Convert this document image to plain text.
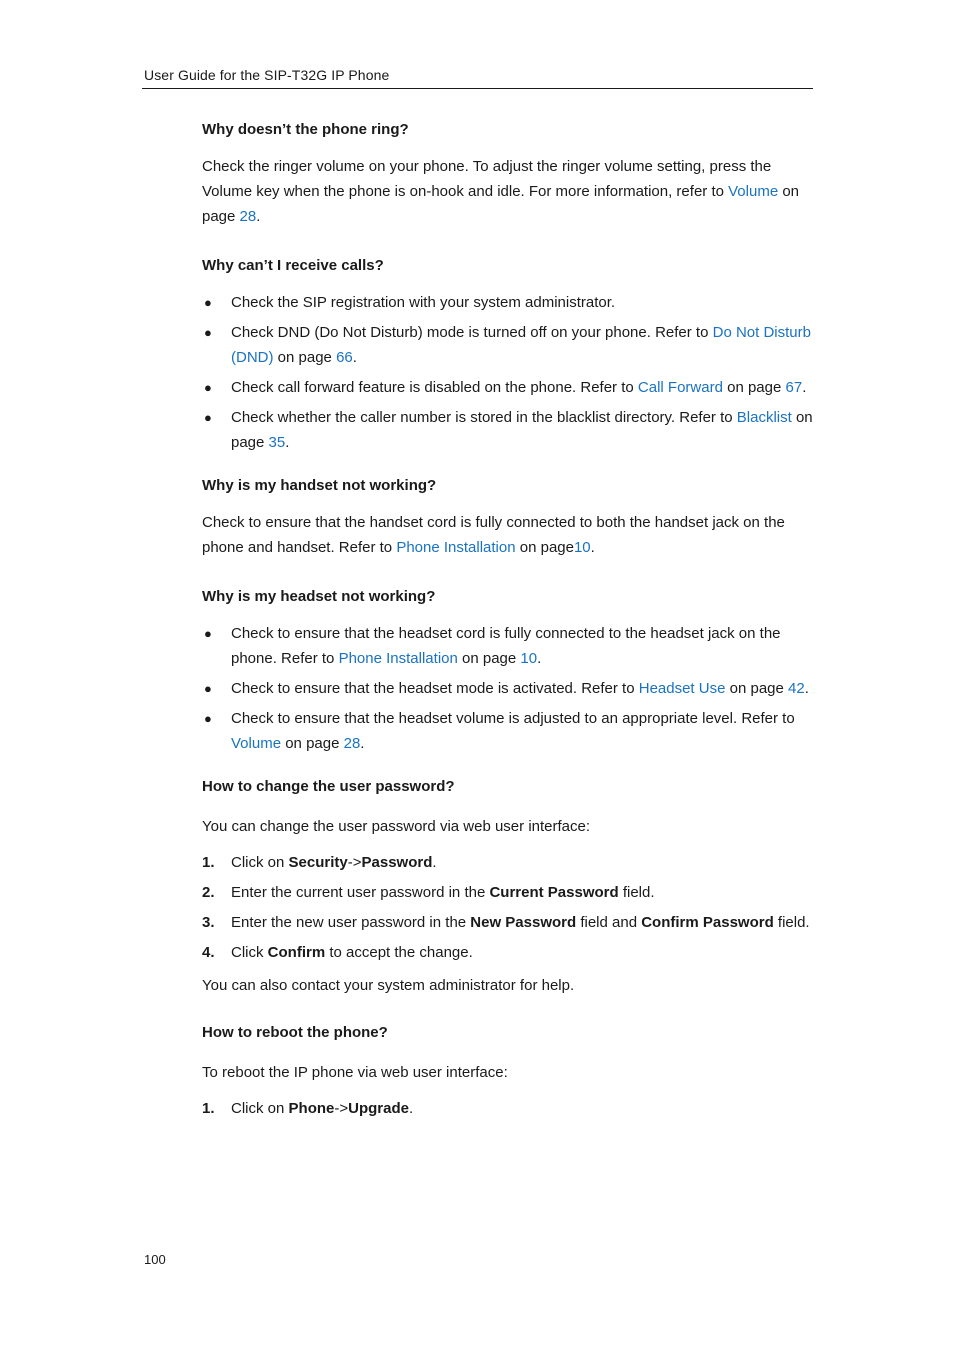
User Guide for the SIP-T32G IP Phone
Why doesn’t the phone ring?

Check the ringer volume on your phone. To adjust the ringer volume setting, press the Volume key when the phone is on-hook and idle. For more information, refer to Volume on page 28.

Why can’t I receive calls?
● Check the SIP registration with your system administrator.
● Check DND (Do Not Disturb) mode is turned off on your phone. Refer to Do Not Disturb (DND) on page 66.
● Check call forward feature is disabled on the phone. Refer to Call Forward on page 67.
● Check whether the caller number is stored in the blacklist directory. Refer to Blacklist on page 35.
Why is my handset not working?

Check to ensure that the handset cord is fully connected to both the handset jack on the phone and handset. Refer to Phone Installation on page10.

Why is my headset not working?
● Check to ensure that the headset cord is fully connected to the headset jack on the phone. Refer to Phone Installation on page 10.
● Check to ensure that the headset mode is activated. Refer to Headset Use on page 42.
● Check to ensure that the headset volume is adjusted to an appropriate level. Refer to Volume on page 28.
How to change the user password?

You can change the user password via web user interface:

1. Click on Security->Password.
2. Enter the current user password in the Current Password field.
3. Enter the new user password in the New Password field and Confirm Password field.
4. Click Confirm to accept the change.

You can also contact your system administrator for help.

How to reboot the phone?

To reboot the IP phone via web user interface:

1. Click on Phone->Upgrade.
100
